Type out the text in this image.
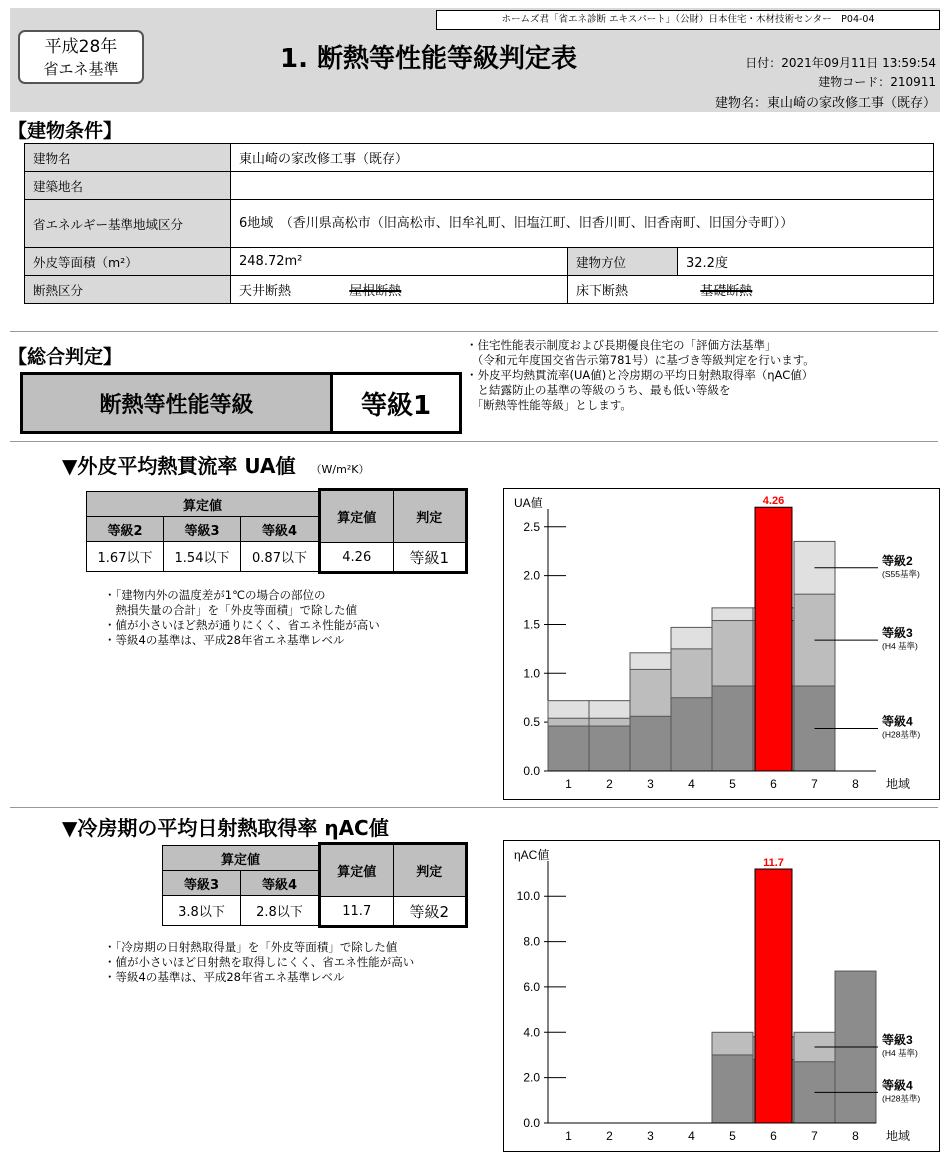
ホームズ君「省エネ診断 エキスパート」（公財）日本住宅・木材技術センター　P04-04
平成28年
省エネ基準	1. 断熱等性能等級判定表	日付：2021年09月11日 13:59:54
建物コード：210911
建物名：東山崎の家改修工事（既存）
【建物条件】
建物名	東山崎の家改修工事（既存）		
建築地名			
省エネルギー基準地域区分	6地域　（香川県高松市（旧高松市、旧牟礼町、旧塩江町、旧香川町、旧香南町、旧国分寺町））		
外皮等面積（m²）	248.72m²	建物方位	32.2度
断熱区分	天井断熱 屋根断熱	床下断熱 基礎断熱	
【総合判定】
断熱等性能等級	等級1
・住宅性能表示制度および長期優良住宅の「評価方法基準」
　（令和元年度国交省告示第781号）に基づき等級判定を行います。
・外皮平均熱貫流率(UA値)と冷房期の平均日射熱取得率（ηAC値）
　と結露防止の基準の等級のうち、最も低い等級を
　「断熱等性能等級」とします。
▼外皮平均熱貫流率 UA値 （W/m²K）
算定値		
等級2	等級3	等級4
1.67以下	1.54以下	0.87以下
算定値	判定
4.26	等級1
・「建物内外の温度差が1℃の場合の部位の
　熱損失量の合計」を「外皮等面積」で除した値
・値が小さいほど熱が通りにくく、省エネ性能が高い
・等級4の基準は、平成28年省エネ基準レベル
0.0
0.5
1.0
1.5
2.0
2.5
UA値	4.26
1	2	3	4	5	6	7	8 地域
等級2
(S55基準)
等級3
(H4 基準)
等級4
(H28基準)
▼冷房期の平均日射熱取得率 ηAC値
算定値	
等級3	等級4
3.8以下	2.8以下
算定値	判定
11.7	等級2
・「冷房期の日射熱取得量」を「外皮等面積」で除した値
・値が小さいほど日射熱を取得しにくく、省エネ性能が高い
・等級4の基準は、平成28年省エネ基準レベル
0.0
2.0
4.0
6.0
8.0
10.0
ηAC値
11.7
1	2	3	4	5	6	7	8 地域
等級3
(H4 基準)
等級4
(H28基準)
